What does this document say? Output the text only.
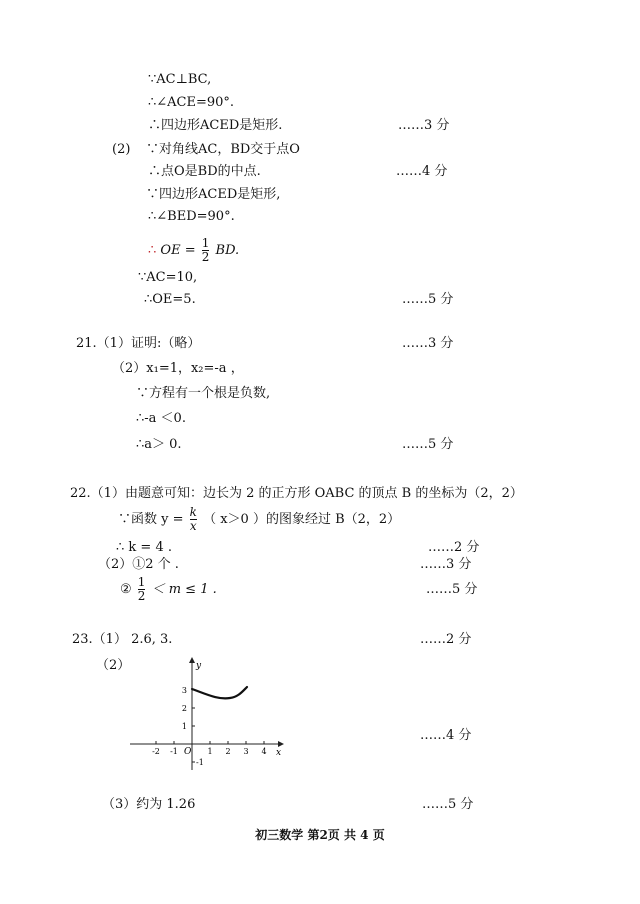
∵AC⊥BC,
∴∠ACE=90°.
∴四边形ACED是矩形.	……3 分
(2) ∵对角线AC，BD交于点O
∴点O是BD的中点.	……4 分
∵四边形ACED是矩形,
∴∠BED=90°.
∴ OE = $\frac{1}{2}$ BD.
∵AC=10,
∴OE=5.	……5 分
21.（1）证明:（略）	……3 分
（2）x₁=1，x₂=-a ，
∵方程有一个根是负数,
∴-a ＜0.
∴a＞ 0.	……5 分
22.（1）由题意可知：边长为 2 的正方形 OABC 的顶点 B 的坐标为（2，2）
∵函数 $y = \frac{k}{x}$ （ x＞0 ）的图象经过 B（2，2）
∴ k = 4 .	……2 分
（2）①2 个 .	……3 分
② $\frac{1}{2} < m \le 1$ .	……5 分
23.（1） 2.6, 3.	……2 分
（2）
-2 -1	1 2 3 4
3
2
1
-1
O	x
y
……4 分
（3）约为 1.26	……5 分
初三数学 第2页 共 4 页
